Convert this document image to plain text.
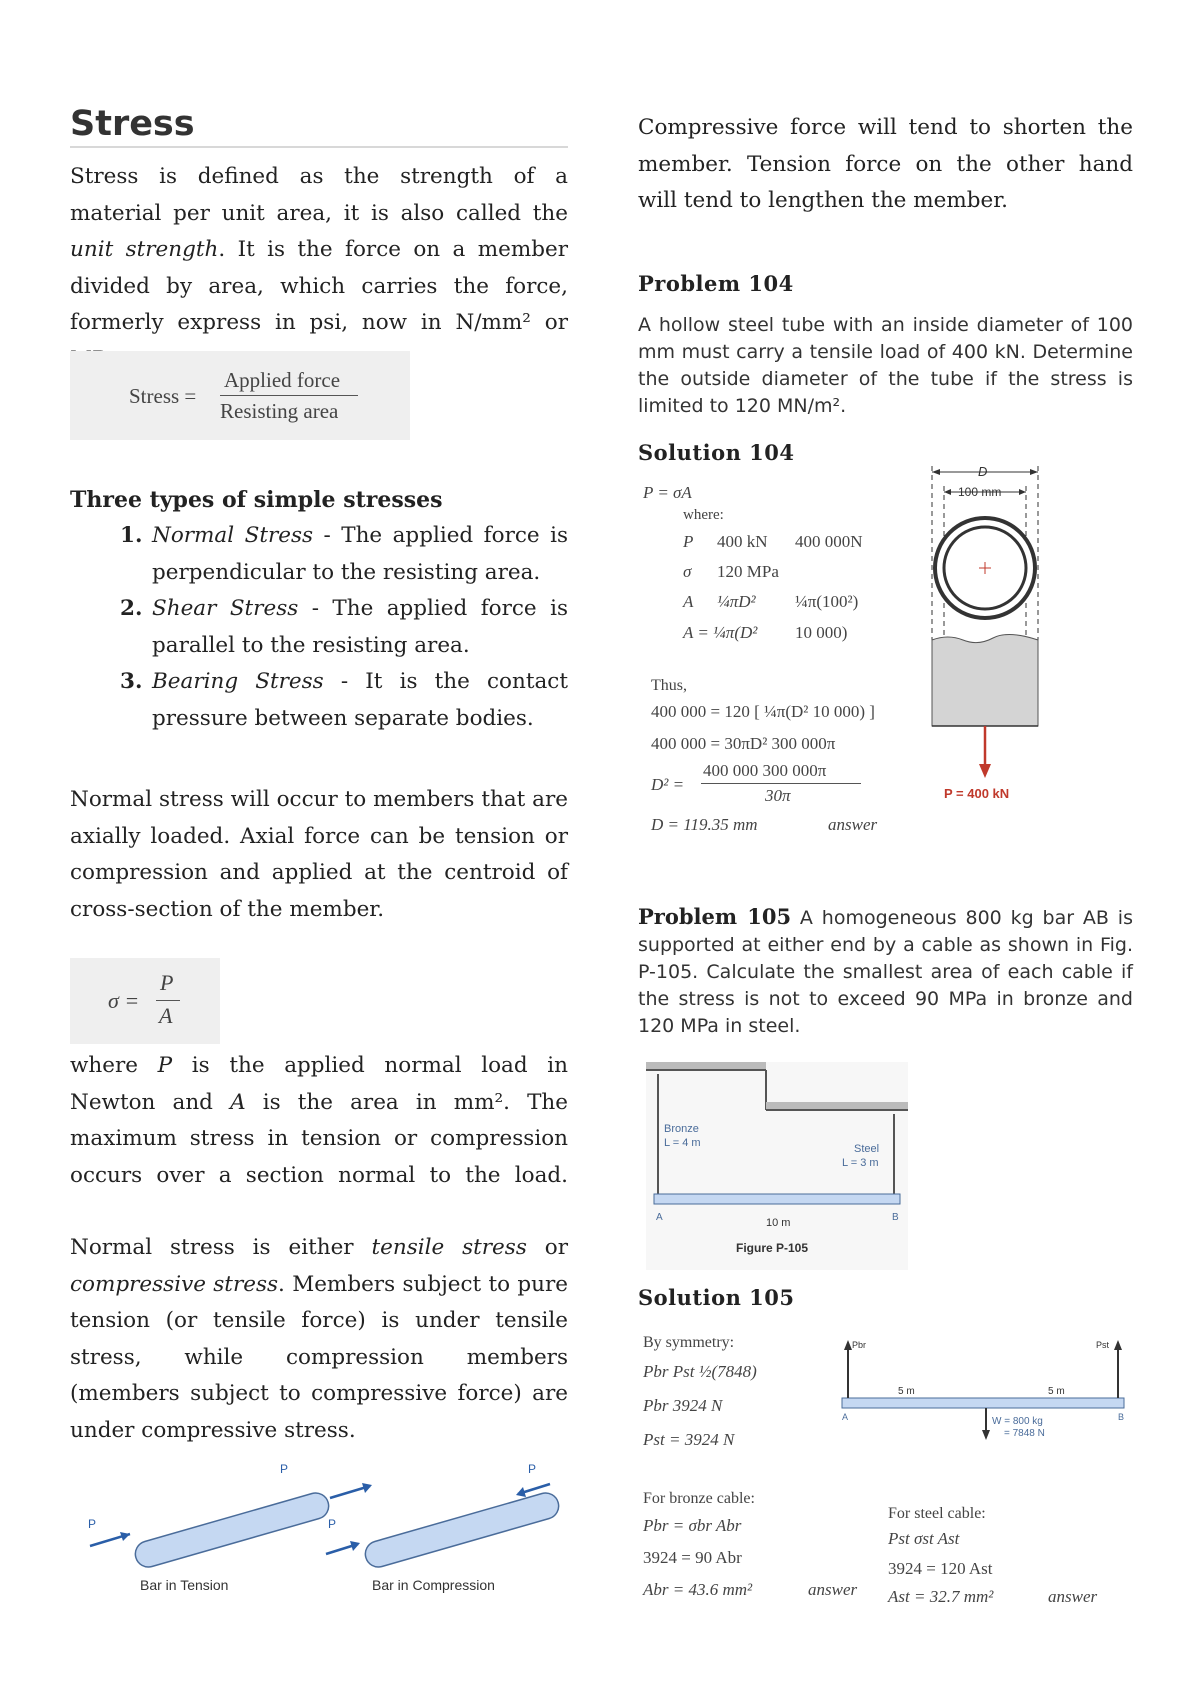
Stress

Stress is defined as the strength of a material per unit area, it is also called the unit strength. It is the force on a member divided by area, which carries the force, formerly express in psi, now in N/mm² or

Stress =
Applied force
Resisting area
Three types of simple stresses
1. Normal Stress - The applied force is perpendicular to the resisting area.
2. Shear Stress - The applied force is parallel to the resisting area.
3. Bearing Stress - It is the contact pressure between separate bodies.

Normal stress will occur to members that are axially loaded. Axial force can be tension or compression and applied at the centroid of cross-section of the member.

σ =
P
A

where P is the applied normal load in Newton and A is the area in mm². The maximum stress in tension or compression occurs over a section normal to the load.

Normal stress is either tensile stress or compressive stress. Members subject to pure tension (or tensile force) is under tensile stress, while compression members (members subject to compressive force) are under compressive stress.

P
P
Bar in Tension
P
P
Bar in Compression

Compressive force will tend to shorten the member. Tension force on the other hand will tend to lengthen the member.

Problem 104

A hollow steel tube with an inside diameter of 100 mm must carry a tensile load of 400 kN. Determine the outside diameter of the tube if the stress is limited to 120 MN/m².

Solution 104
P = σA
where:
P 400 kN 400 000N
σ 120 MPa
A ¼πD² ¼π(100²)
A = ¼π(D² 10 000)
Thus,
400 000 = 120 [ ¼π(D² 10 000) ]
400 000 = 30πD² 300 000π
D² =
400 000 300 000π
30π
D = 119.35 mm	answer
D
100 mm
P = 400 kN

Problem 105 A homogeneous 800 kg bar AB is supported at either end by a cable as shown in Fig. P-105. Calculate the smallest area of each cable if the stress is not to exceed 90 MPa in bronze and 120 MPa in steel.

Bronze
L = 4 m	Steel
L = 3 m
10 m
A	B
Figure P-105
Solution 105
By symmetry:
Pbr Pst ½(7848)
Pbr 3924 N
Pst = 3924 N
Pbr	Pst
5 m	5 m
A	B
W = 800 kg
= 7848 N
For bronze cable:
Pbr = σbr Abr
3924 = 90 Abr
Abr = 43.6 mm²	answer
For steel cable:
Pst σst Ast
3924 = 120 Ast
Ast = 32.7 mm²	answer
